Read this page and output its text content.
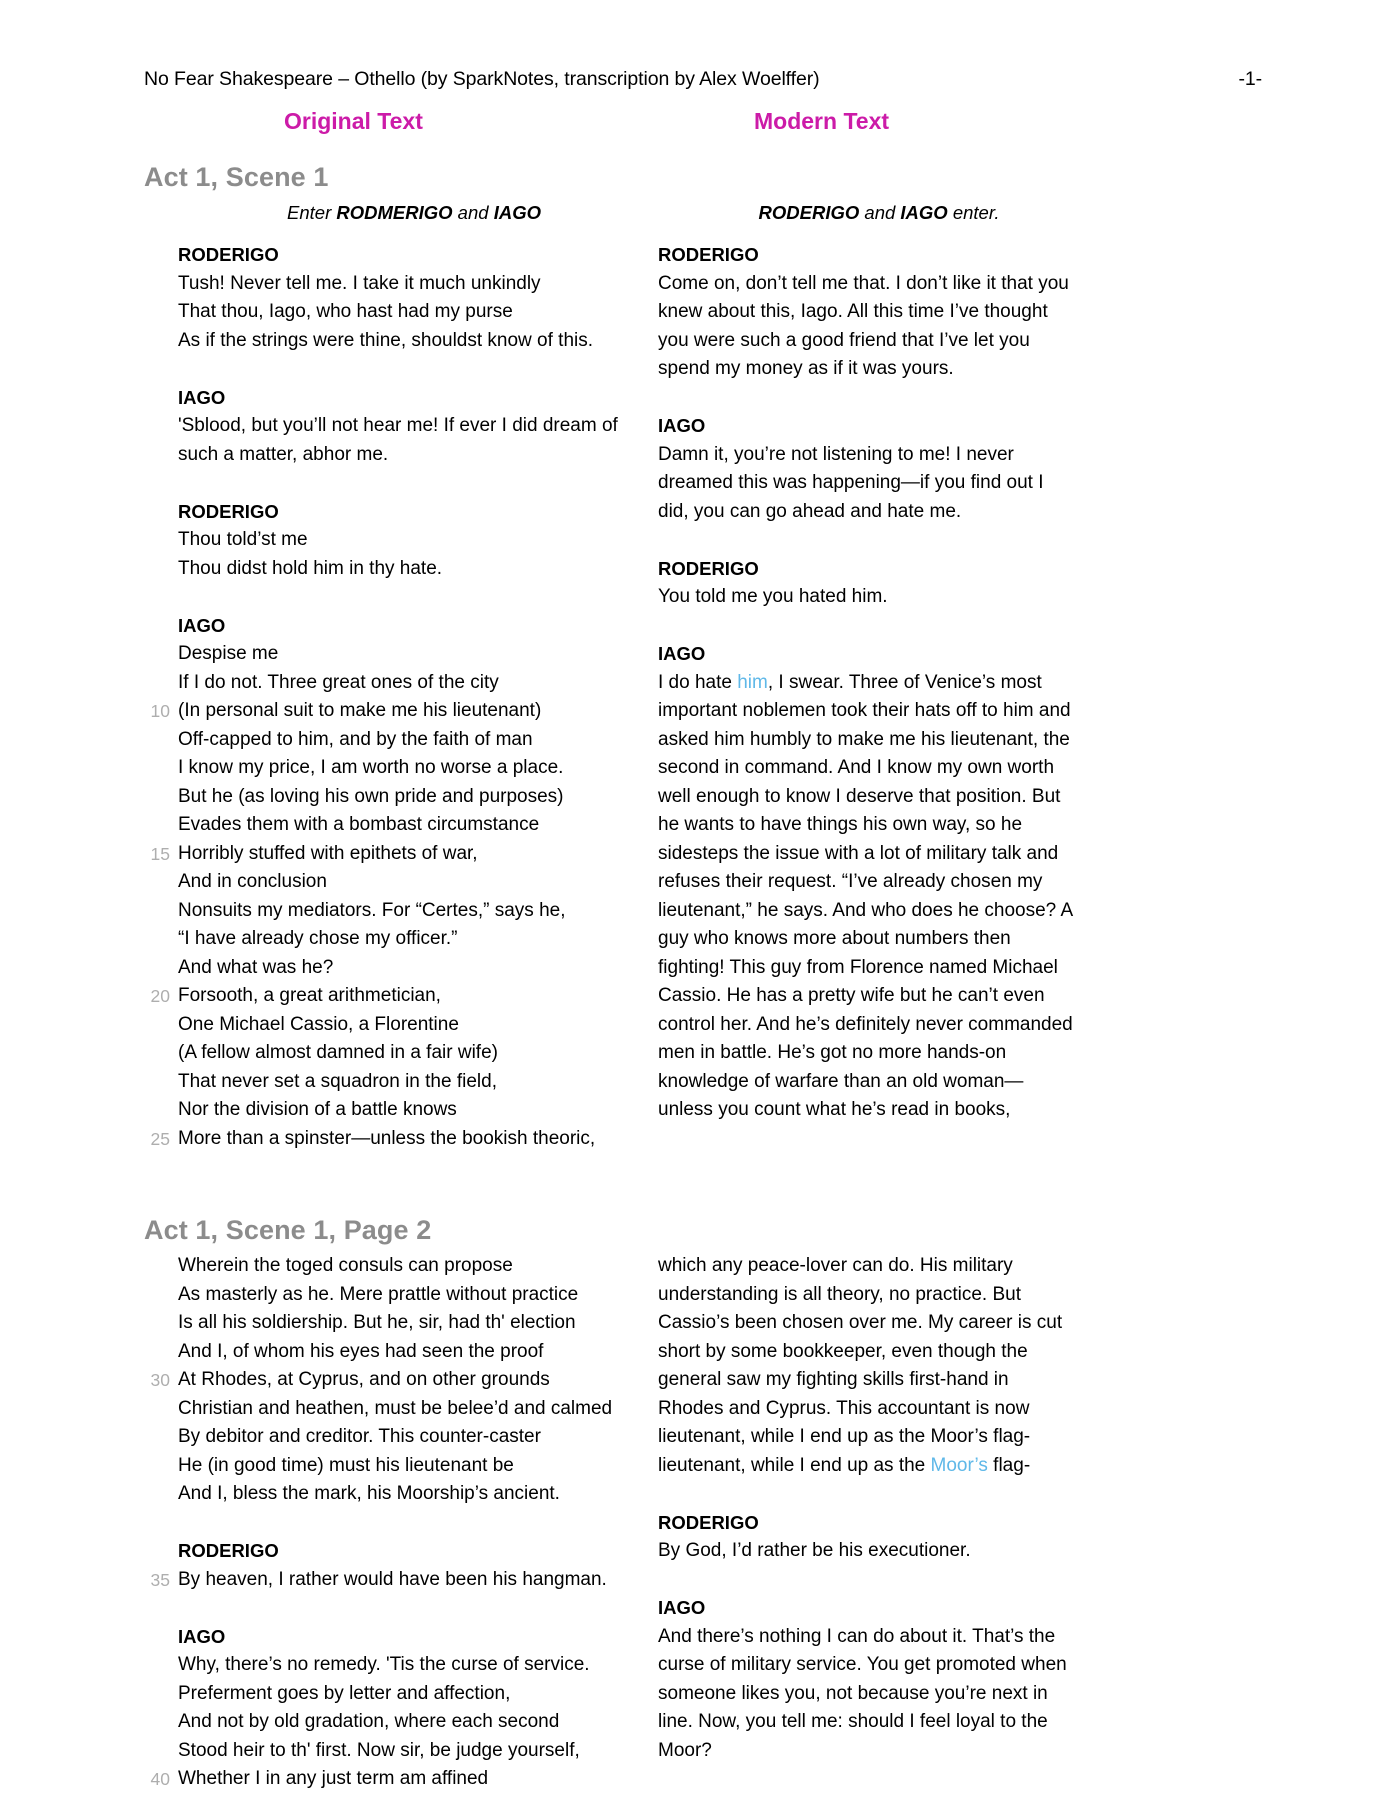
No Fear Shakespeare – Othello (by SparkNotes, transcription by Alex Woelffer)	-1-
Original Text	Modern Text
Act 1, Scene 1
Enter RODMERIGO and IAGO
RODERIGO
Tush! Never tell me. I take it much unkindly
That thou, Iago, who hast had my purse
As if the strings were thine, shouldst know of this.
IAGO
'Sblood, but you’ll not hear me! If ever I did dream of
such a matter, abhor me.
RODERIGO
Thou told’st me
Thou didst hold him in thy hate.
IAGO
Despise me
If I do not. Three great ones of the city
10 (In personal suit to make me his lieutenant)
Off-capped to him, and by the faith of man
I know my price, I am worth no worse a place.
But he (as loving his own pride and purposes)
Evades them with a bombast circumstance
15 Horribly stuffed with epithets of war,
And in conclusion
Nonsuits my mediators. For “Certes,” says he,
“I have already chose my officer.”
And what was he?
20 Forsooth, a great arithmetician,
One Michael Cassio, a Florentine
(A fellow almost damned in a fair wife)
That never set a squadron in the field,
Nor the division of a battle knows
25 More than a spinster—unless the bookish theoric,
RODERIGO and IAGO enter.
RODERIGO
Come on, don’t tell me that. I don’t like it that you
knew about this, Iago. All this time I’ve thought
you were such a good friend that I’ve let you
spend my money as if it was yours.
IAGO
Damn it, you’re not listening to me! I never
dreamed this was happening—if you find out I
did, you can go ahead and hate me.
RODERIGO
You told me you hated him.
IAGO
I do hate him, I swear. Three of Venice’s most
important noblemen took their hats off to him and
asked him humbly to make me his lieutenant, the
second in command. And I know my own worth
well enough to know I deserve that position. But
he wants to have things his own way, so he
sidesteps the issue with a lot of military talk and
refuses their request. “I’ve already chosen my
lieutenant,” he says. And who does he choose? A
guy who knows more about numbers then
fighting! This guy from Florence named Michael
Cassio. He has a pretty wife but he can’t even
control her. And he’s definitely never commanded
men in battle. He’s got no more hands-on
knowledge of warfare than an old woman—
unless you count what he’s read in books,
Act 1, Scene 1, Page 2
Wherein the toged consuls can propose
As masterly as he. Mere prattle without practice
Is all his soldiership. But he, sir, had th' election
And I, of whom his eyes had seen the proof
30 At Rhodes, at Cyprus, and on other grounds
Christian and heathen, must be belee’d and calmed
By debitor and creditor. This counter-caster
He (in good time) must his lieutenant be
And I, bless the mark, his Moorship’s ancient.
RODERIGO
35 By heaven, I rather would have been his hangman.
IAGO
Why, there’s no remedy. 'Tis the curse of service.
Preferment goes by letter and affection,
And not by old gradation, where each second
Stood heir to th' first. Now sir, be judge yourself,
40 Whether I in any just term am affined
which any peace-lover can do. His military
understanding is all theory, no practice. But
Cassio’s been chosen over me. My career is cut
short by some bookkeeper, even though the
general saw my fighting skills first-hand in
Rhodes and Cyprus. This accountant is now
lieutenant, while I end up as the Moor’s flag-
lieutenant, while I end up as the Moor’s flag-
RODERIGO
By God, I’d rather be his executioner.
IAGO
And there’s nothing I can do about it. That’s the
curse of military service. You get promoted when
someone likes you, not because you’re next in
line. Now, you tell me: should I feel loyal to the
Moor?
